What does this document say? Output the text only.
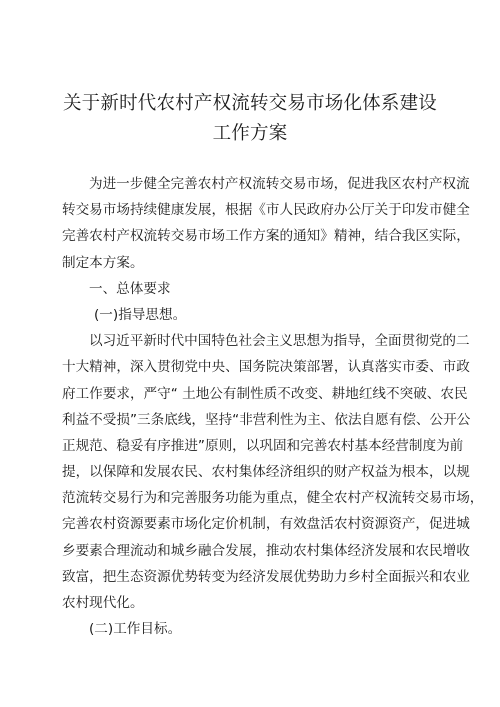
关于新时代农村产权流转交易市场化体系建设
工作方案
为进一步健全完善农村产权流转交易市场，促进我区农村产权流
转交易市场持续健康发展，根据《市人民政府办公厅关于印发市健全
完善农村产权流转交易市场工作方案的通知》精神，结合我区实际，
制定本方案。
一、总体要求
(一)指导思想。
以习近平新时代中国特色社会主义思想为指导，全面贯彻党的二
十大精神，深入贯彻党中央、国务院决策部署，认真落实市委、市政
府工作要求，严守“ 土地公有制性质不改变、耕地红线不突破、农民
利益不受损”三条底线，坚持“非营利性为主、依法自愿有偿、公开公
正规范、稳妥有序推进”原则，以巩固和完善农村基本经营制度为前
提，以保障和发展农民、农村集体经济组织的财产权益为根本，以规
范流转交易行为和完善服务功能为重点，健全农村产权流转交易市场，
完善农村资源要素市场化定价机制，有效盘活农村资源资产，促进城
乡要素合理流动和城乡融合发展，推动农村集体经济发展和农民增收
致富，把生态资源优势转变为经济发展优势助力乡村全面振兴和农业
农村现代化。
(二)工作目标。
